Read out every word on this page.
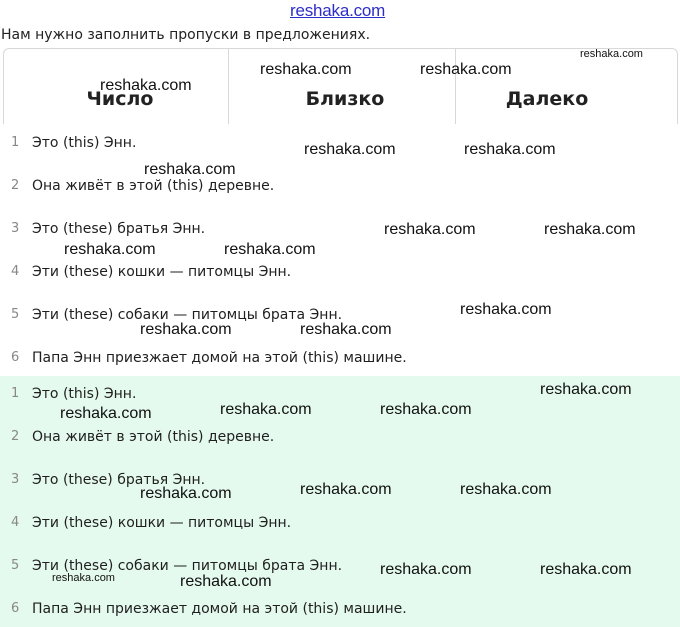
reshaka.com
Нам нужно заполнить пропуски в предложениях.
Число	Близко	Далеко
1 Это (this) Энн.
2 Она живёт в этой (this) деревне.
3 Это (these) братья Энн.
4 Эти (these) кошки — питомцы Энн.
5 Эти (these) собаки — питомцы брата Энн.
6 Папа Энн приезжает домой на этой (this) машине.
1 Это (this) Энн.
2 Она живёт в этой (this) деревне.
3 Это (these) братья Энн.
4 Эти (these) кошки — питомцы Энн.
5 Эти (these) собаки — питомцы брата Энн.
6 Папа Энн приезжает домой на этой (this) машине.
reshaka.com
reshaka.com	reshaka.com
reshaka.com
reshaka.com	reshaka.com
reshaka.com
reshaka.com	reshaka.com
reshaka.com	reshaka.com
reshaka.com
reshaka.com	reshaka.com
reshaka.com
reshaka.com	reshaka.com
reshaka.com
reshaka.com	reshaka.com	reshaka.com
reshaka.com	reshaka.com
reshaka.com	reshaka.com
